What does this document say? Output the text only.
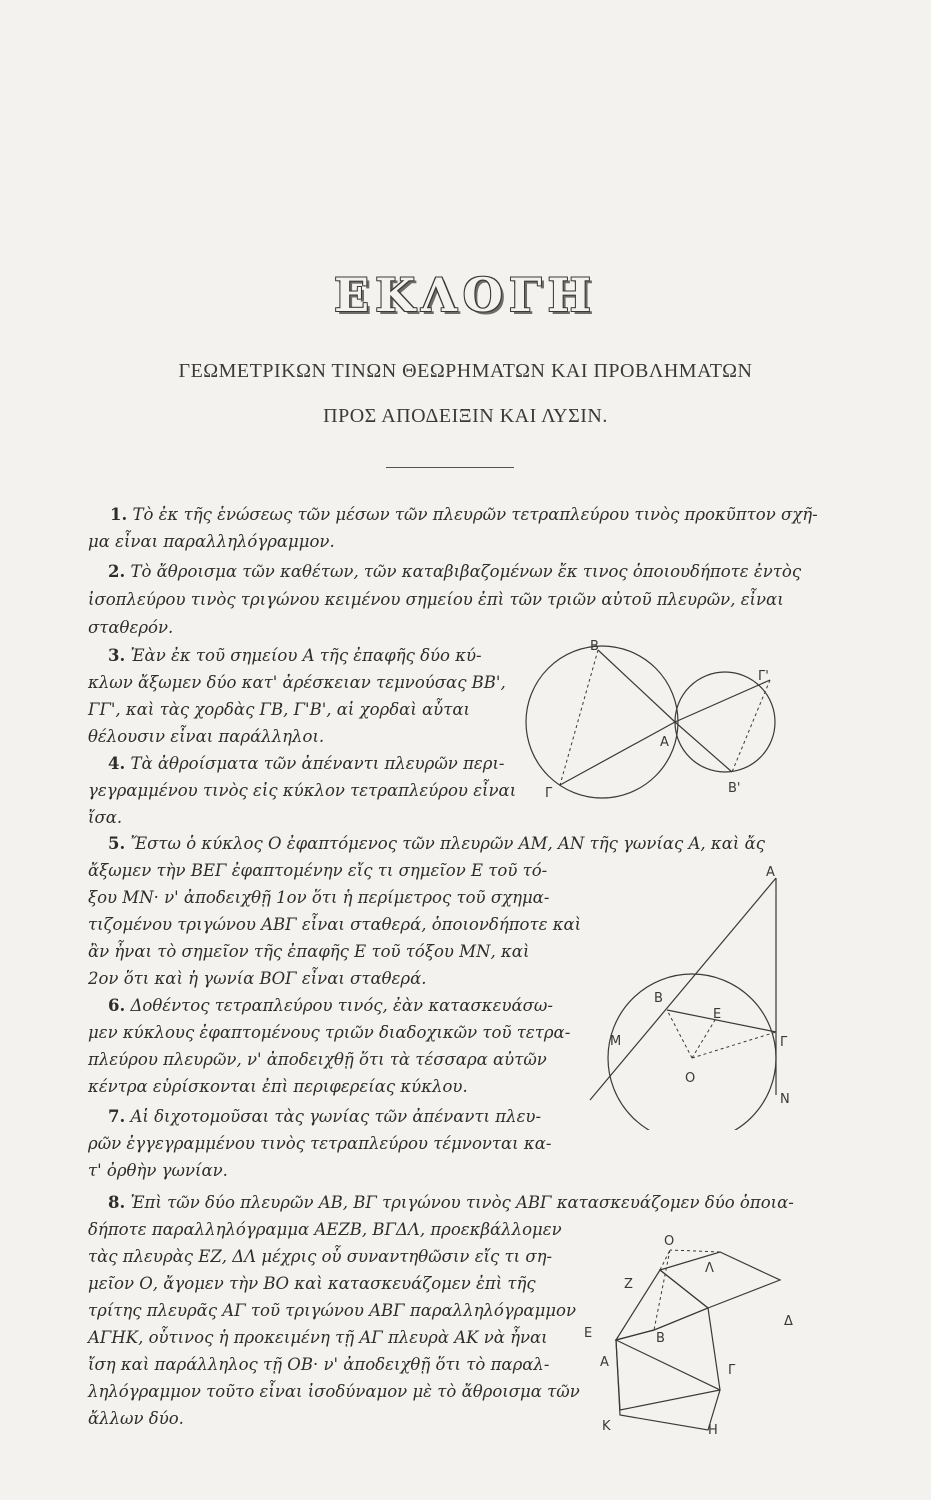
ΕΚΛΟΓΗ
ΓΕΩΜΕΤΡΙΚΩΝ ΤΙΝΩΝ ΘΕΩΡΗΜΑΤΩΝ ΚΑΙ ΠΡΟΒΛΗΜΑΤΩΝ
ΠΡΟΣ ΑΠΟΔΕΙΞΙΝ ΚΑΙ ΛΥΣΙΝ.
1. Τὸ ἐκ τῆς ἑνώσεως τῶν μέσων τῶν πλευρῶν τετραπλεύρου τινὸς προκῦπτον σχῆ-
μα εἶναι παραλληλόγραμμον.
2. Τὸ ἄθροισμα τῶν καθέτων, τῶν καταβιβαζομένων ἔκ τινος ὁποιουδήποτε ἐντὸς
ἰσοπλεύρου τινὸς τριγώνου κειμένου σημείου ἐπὶ τῶν τριῶν αὐτοῦ πλευρῶν, εἶναι
σταθερόν.
3. Ἐὰν ἐκ τοῦ σημείου Α τῆς ἐπαφῆς δύο κύ-
κλων ἄξωμεν δύο κατ' ἀρέσκειαν τεμνούσας ΒΒ',
ΓΓ', καὶ τὰς χορδὰς ΓΒ, Γ'Β', αἱ χορδαὶ αὗται
θέλουσιν εἶναι παράλληλοι.
4. Τὰ ἀθροίσματα τῶν ἀπέναντι πλευρῶν περι-
γεγραμμένου τινὸς εἰς κύκλον τετραπλεύρου εἶναι
ἴσα.
5. Ἔστω ὁ κύκλος Ο ἐφαπτόμενος τῶν πλευρῶν ΑΜ, ΑΝ τῆς γωνίας Α, καὶ ἄς
ἄξωμεν τὴν ΒΕΓ ἐφαπτομένην εἴς τι σημεῖον Ε τοῦ τό-
ξου ΜΝ· ν' ἀποδειχθῇ 1ον ὅτι ἡ περίμετρος τοῦ σχημα-
τιζομένου τριγώνου ΑΒΓ εἶναι σταθερά, ὁποιονδήποτε καὶ
ἂν ἦναι τὸ σημεῖον τῆς ἐπαφῆς Ε τοῦ τόξου ΜΝ, καὶ
2ον ὅτι καὶ ἡ γωνία ΒΟΓ εἶναι σταθερά.
6. Δοθέντος τετραπλεύρου τινός, ἐὰν κατασκευάσω-
μεν κύκλους ἐφαπτομένους τριῶν διαδοχικῶν τοῦ τετρα-
πλεύρου πλευρῶν, ν' ἀποδειχθῇ ὅτι τὰ τέσσαρα αὐτῶν
κέντρα εὑρίσκονται ἐπὶ περιφερείας κύκλου.
7. Αἱ διχοτομοῦσαι τὰς γωνίας τῶν ἀπέναντι πλευ-
ρῶν ἐγγεγραμμένου τινὸς τετραπλεύρου τέμνονται κα-
τ' ὀρθὴν γωνίαν.
8. Ἐπὶ τῶν δύο πλευρῶν ΑΒ, ΒΓ τριγώνου τινὸς ΑΒΓ κατασκευάζομεν δύο ὁποια-
δήποτε παραλληλόγραμμα ΑΕΖΒ, ΒΓΔΛ, προεκβάλλομεν
τὰς πλευρὰς ΕΖ, ΔΛ μέχρις οὗ συναντηθῶσιν εἴς τι ση-
μεῖον Ο, ἄγομεν τὴν ΒΟ καὶ κατασκευάζομεν ἐπὶ τῆς
τρίτης πλευρᾶς ΑΓ τοῦ τριγώνου ΑΒΓ παραλληλόγραμμον
ΑΓΗΚ, οὗτινος ἡ προκειμένη τῇ ΑΓ πλευρὰ ΑΚ νὰ ἦναι
ἴση καὶ παράλληλος τῇ ΟΒ· ν' ἀποδειχθῇ ὅτι τὸ παραλ-
ληλόγραμμον τοῦτο εἶναι ἰσοδύναμον μὲ τὸ ἄθροισμα τῶν
ἄλλων δύο.
Β
Γ'
Α
Γ	Β'
Α
Β
Ε
Μ	Γ
Ο
Ν
Ο
Ζ
Λ
Ε	Β
Δ
Α
Γ
Κ	Η
